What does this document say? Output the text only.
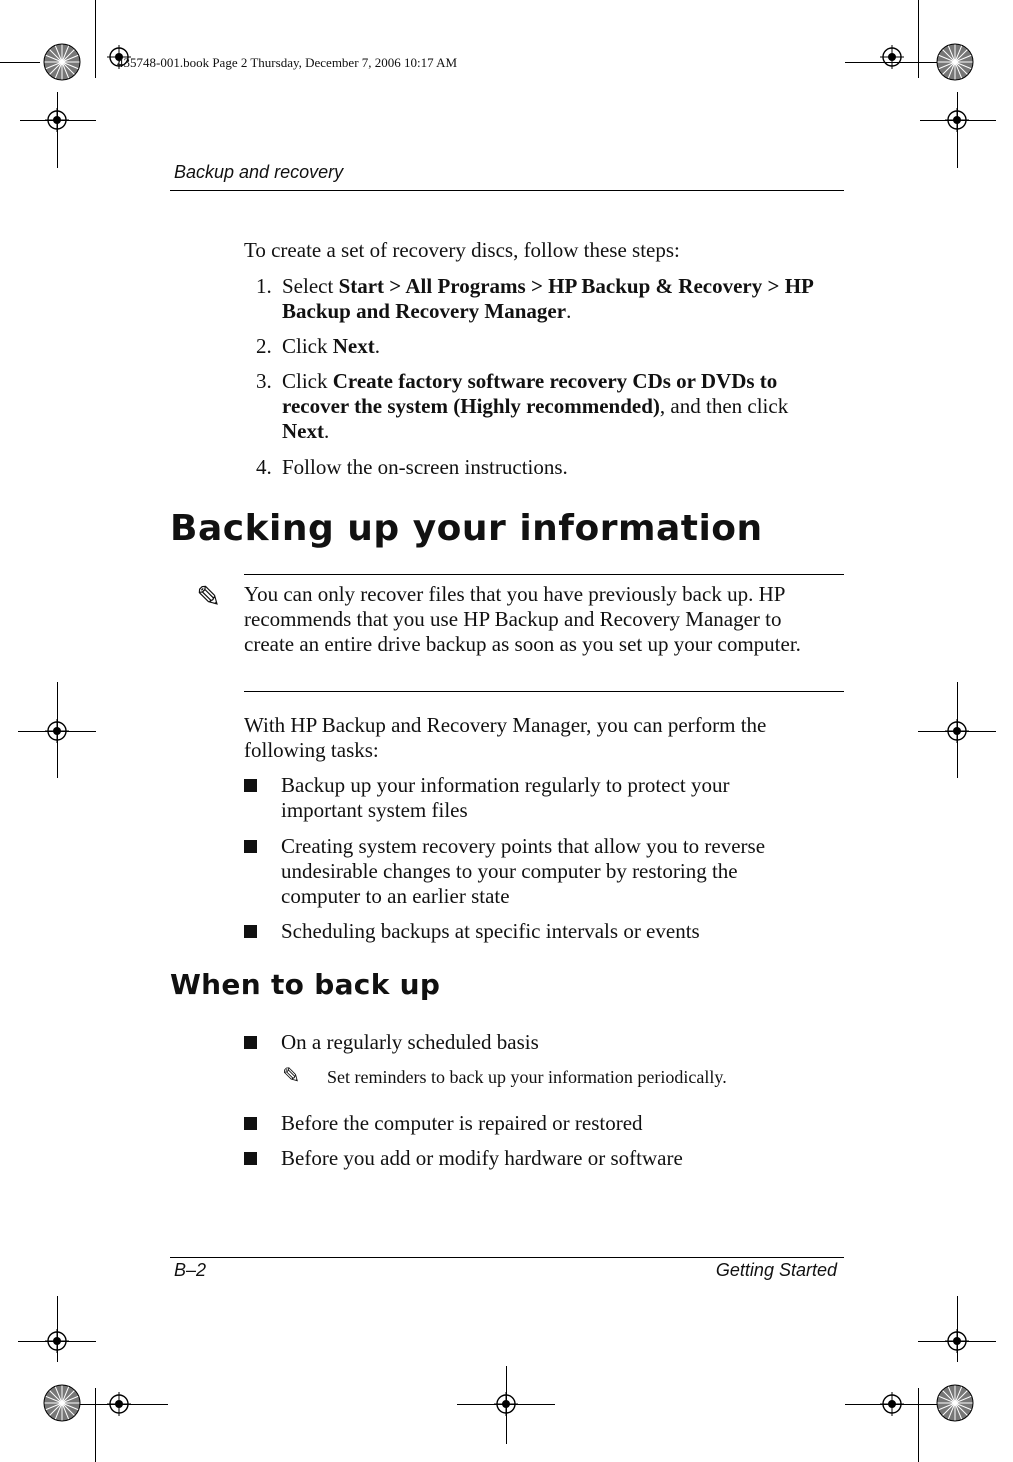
435748-001.book Page 2 Thursday, December 7, 2006 10:17 AM
Backup and recovery
To create a set of recovery discs, follow these steps:
1. Select Start > All Programs > HP Backup & Recovery > HP Backup and Recovery Manager.
2. Click Next.
3. Click Create factory software recovery CDs or DVDs to recover the system (Highly recommended), and then click Next.
4. Follow the on-screen instructions.
Backing up your information
✎ You can only recover files that you have previously back up. HP recommends that you use HP Backup and Recovery Manager to create an entire drive backup as soon as you set up your computer.
With HP Backup and Recovery Manager, you can perform the following tasks:
Backup up your information regularly to protect your important system files
Creating system recovery points that allow you to reverse undesirable changes to your computer by restoring the computer to an earlier state
Scheduling backups at specific intervals or events
When to back up
On a regularly scheduled basis
✎ Set reminders to back up your information periodically.
Before the computer is repaired or restored
Before you add or modify hardware or software
B–2	Getting Started
